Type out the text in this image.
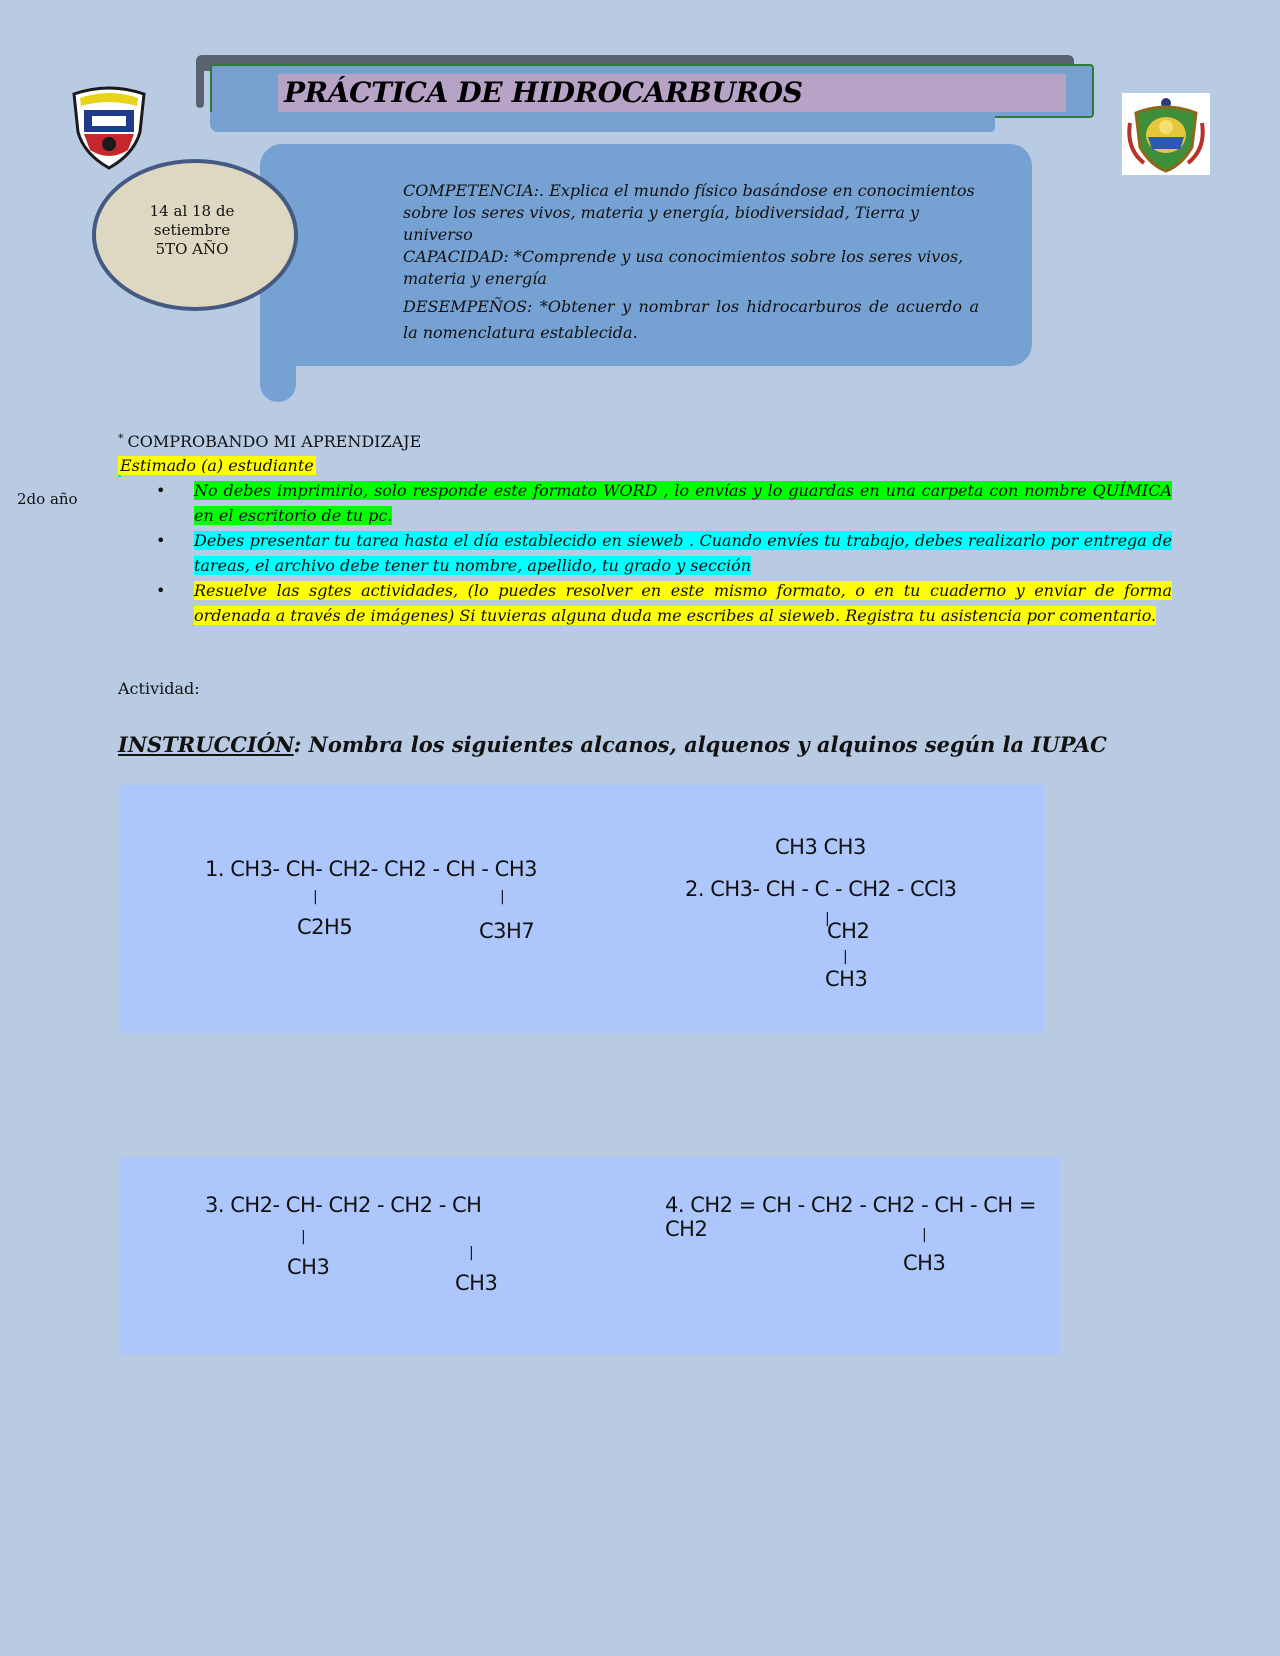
PRÁCTICA DE HIDROCARBUROS
COMPETENCIA:. Explica el mundo físico basándose en conocimientos sobre los seres vivos, materia y energía, biodiversidad, Tierra y universo
CAPACIDAD: *Comprende y usa conocimientos sobre los seres vivos, materia y energía
DESEMPEÑOS: *Obtener y nombrar los hidrocarburos de acuerdo a la nomenclatura establecida.
14 al 18 de
setiembre
5TO AÑO
* COMPROBANDO MI APRENDIZAJE
Estimado (a) estudiante
2do año	• No debes imprimirlo, solo responde este formato WORD , lo envías y lo guardas en una carpeta con nombre QUÍMICA en el escritorio de tu pc.
• Debes presentar tu tarea hasta el día establecido en sieweb . Cuando envíes tu trabajo, debes realizarlo por entrega de tareas, el archivo debe tener tu nombre, apellido, tu grado y sección
• Resuelve las sgtes actividades, (lo puedes resolver en este mismo formato, o en tu cuaderno y enviar de forma ordenada a través de imágenes) Si tuvieras alguna duda me escribes al sieweb. Registra tu asistencia por comentario.
Actividad:
INSTRUCCIÓN: Nombra los siguientes alcanos, alquenos y alquinos según la IUPAC
1. CH3- CH- CH2- CH2 - CH - CH3
|
C2H5
|
C3H7
CH3 CH3
2. CH3- CH - C - CH2 - CCl3
|
CH2
|
CH3
3. CH2- CH- CH2 - CH2 - CH
|
CH3
|
CH3
4. CH2 = CH - CH2 - CH2 - CH - CH = CH2	|
CH3
